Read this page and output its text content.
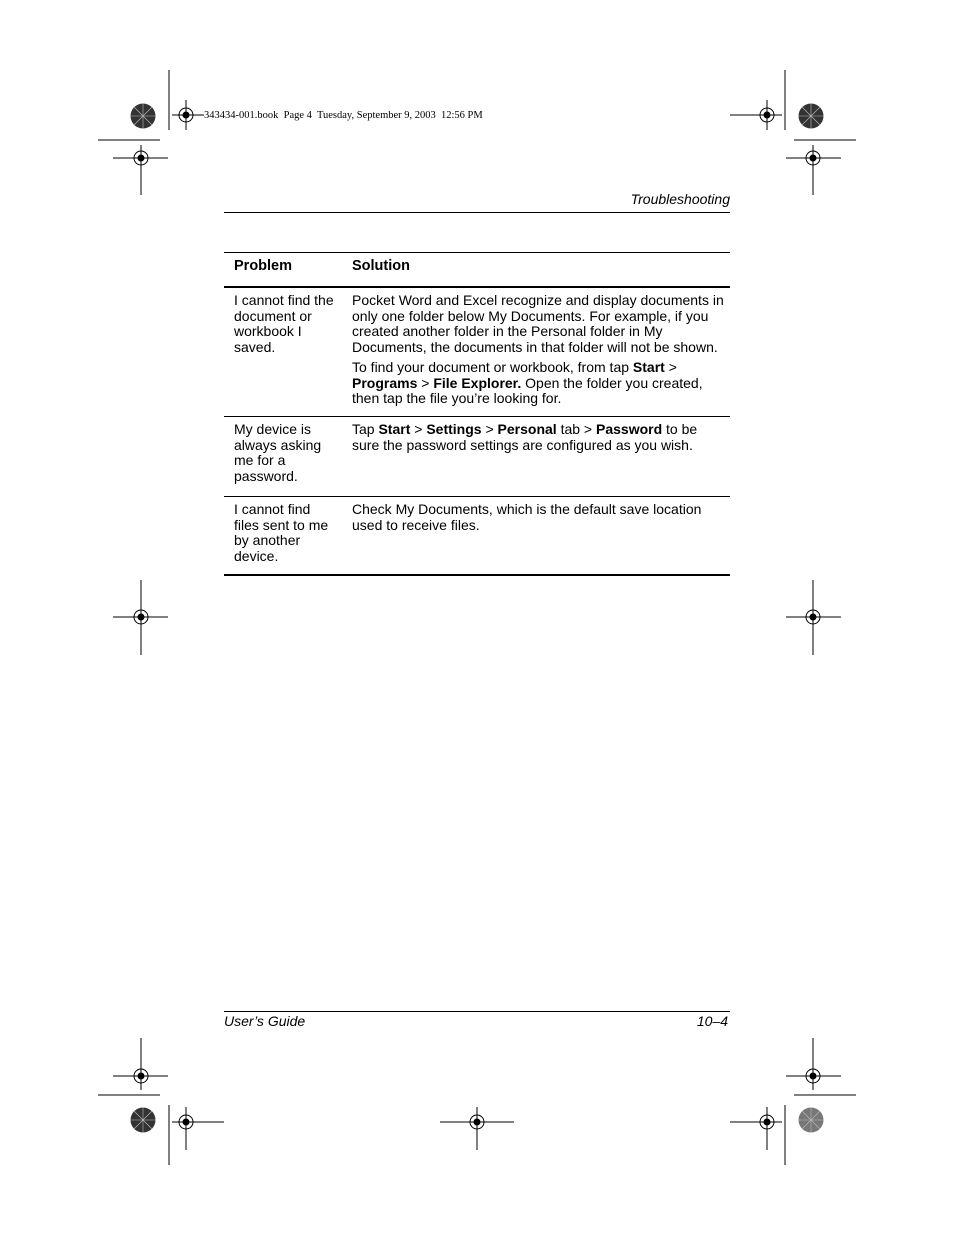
343434-001.book  Page 4  Tuesday, September 9, 2003  12:56 PM
Troubleshooting
Problem	Solution
I cannot find the document or workbook I saved.

Pocket Word and Excel recognize and display documents in only one folder below My Documents. For example, if you created another folder in the Personal folder in My Documents, the documents in that folder will not be shown.

To find your document or workbook, from tap Start > Programs > File Explorer. Open the folder you created, then tap the file you’re looking for.

My device is always asking me for a password.

Tap Start > Settings > Personal tab > Password to be sure the password settings are configured as you wish.

I cannot find files sent to me by another device.
Check My Documents, which is the default save location used to receive files.
User’s Guide	10–4
